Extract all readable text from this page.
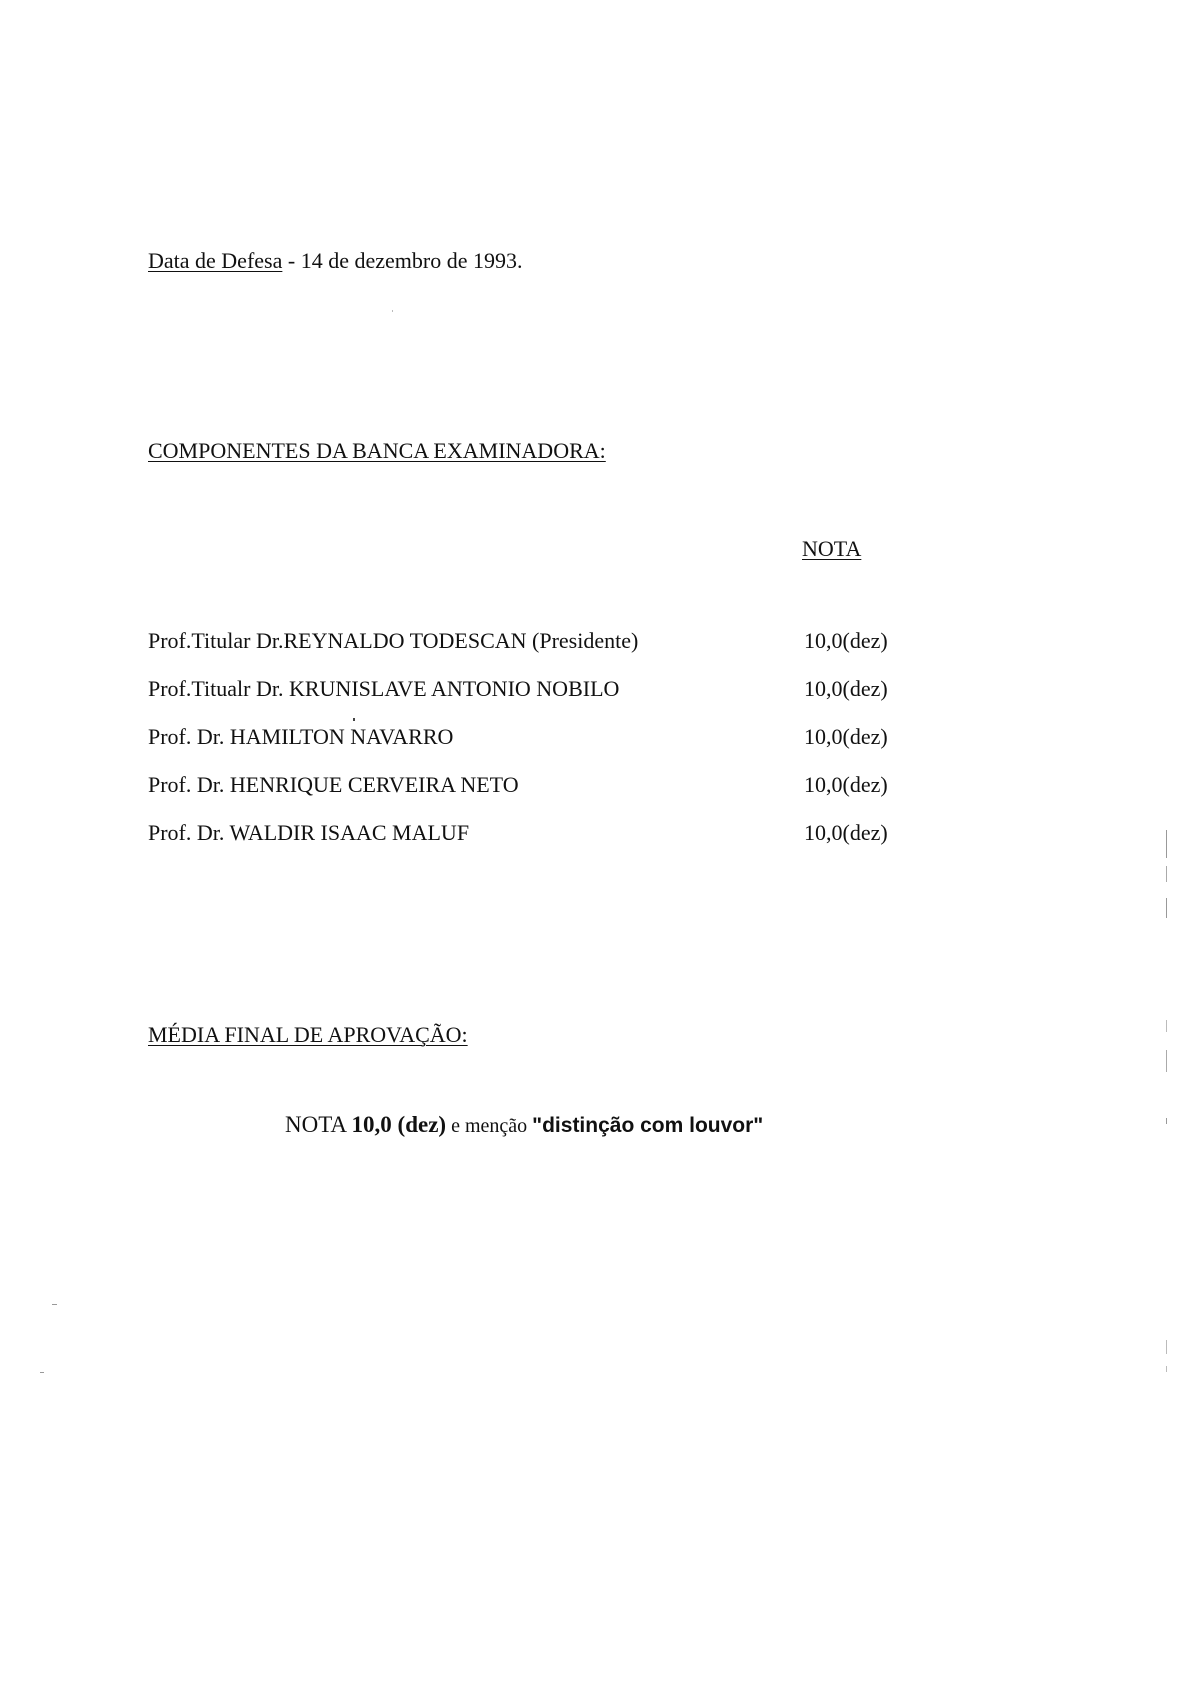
Data de Defesa - 14 de dezembro de 1993.
COMPONENTES DA BANCA EXAMINADORA:
NOTA
Prof.Titular Dr.REYNALDO TODESCAN (Presidente)	10,0(dez)
Prof.Titualr Dr. KRUNISLAVE ANTONIO NOBILO	10,0(dez)
Prof. Dr. HAMILTON NAVARRO	10,0(dez)
Prof. Dr. HENRIQUE CERVEIRA NETO	10,0(dez)
Prof. Dr. WALDIR ISAAC MALUF	10,0(dez)
MÉDIA FINAL DE APROVAÇÃO:
NOTA 10,0 (dez) e menção "distinção com louvor"
